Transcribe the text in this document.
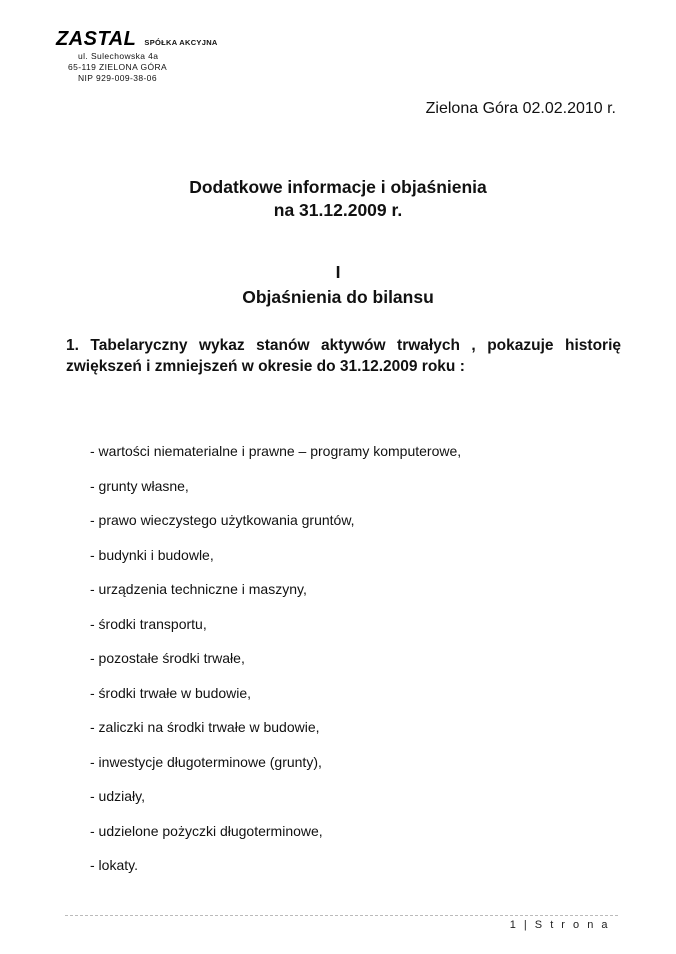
ZASTAL SPÓŁKA AKCYJNA
ul. Sulechowska 4a
65-119 ZIELONA GÓRA
NIP 929-009-38-06
Zielona Góra 02.02.2010 r.
Dodatkowe informacje i objaśnienia
na 31.12.2009 r.
I
Objaśnienia do bilansu
1. Tabelaryczny wykaz stanów aktywów trwałych , pokazuje historię zwiększeń i zmniejszeń w okresie do 31.12.2009 roku :
- wartości niematerialne i prawne – programy komputerowe,
- grunty własne,
- prawo wieczystego użytkowania gruntów,
- budynki i budowle,
- urządzenia techniczne i maszyny,
- środki transportu,
- pozostałe środki trwałe,
- środki trwałe w budowie,
- zaliczki na środki trwałe w budowie,
- inwestycje długoterminowe (grunty),
- udziały,
- udzielone pożyczki długoterminowe,
- lokaty.
1 | S t r o n a
